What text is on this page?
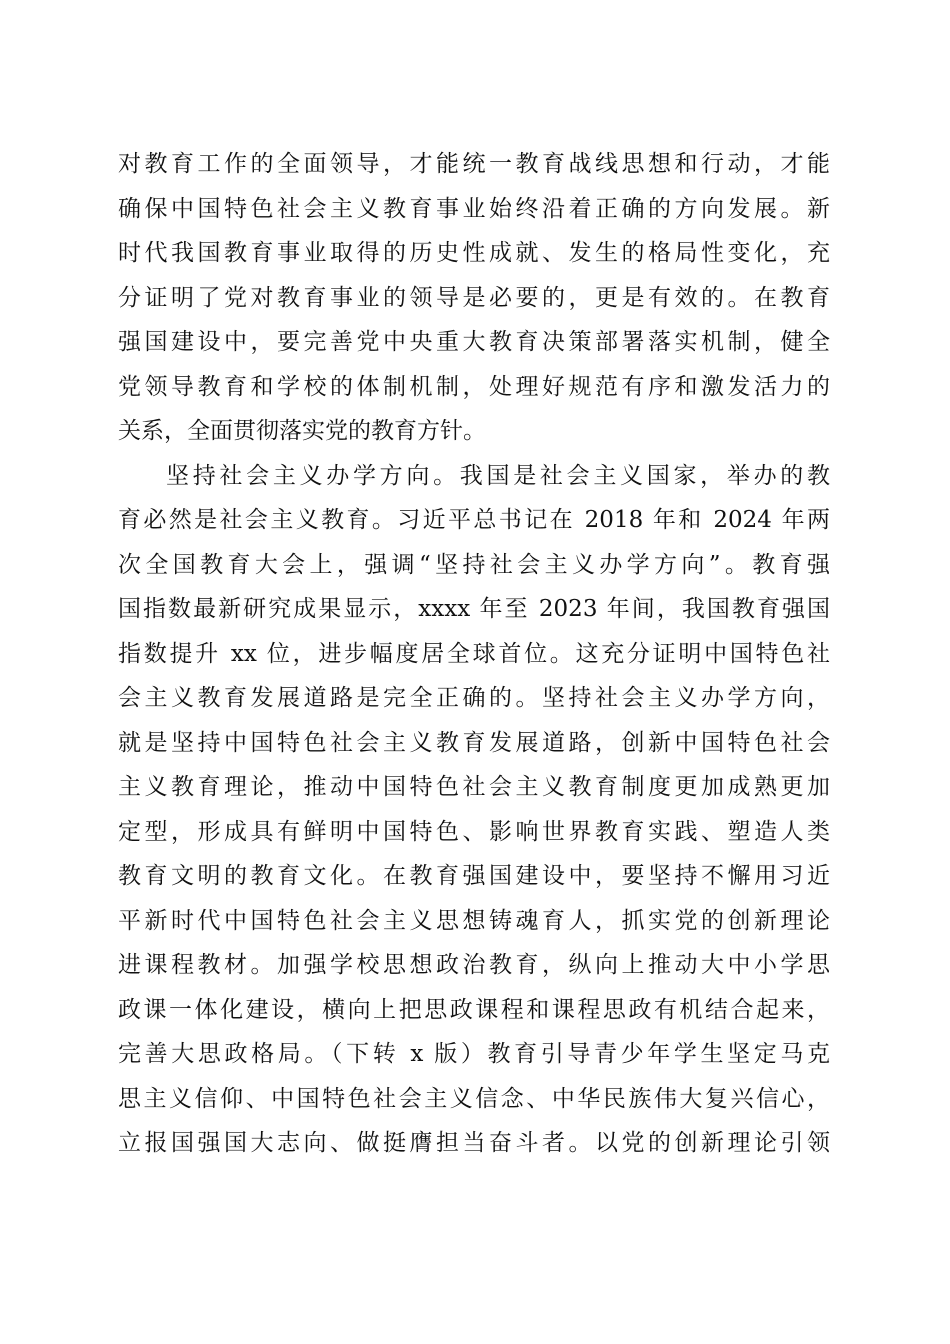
对教育工作的全面领导，才能统一教育战线思想和行动，才能
确保中国特色社会主义教育事业始终沿着正确的方向发展。新
时代我国教育事业取得的历史性成就、发生的格局性变化，充
分证明了党对教育事业的领导是必要的，更是有效的。在教育
强国建设中，要完善党中央重大教育决策部署落实机制，健全
党领导教育和学校的体制机制，处理好规范有序和激发活力的
关系，全面贯彻落实党的教育方针。
坚持社会主义办学方向。我国是社会主义国家，举办的教
育必然是社会主义教育。习近平总书记在 2018 年和 2024 年两
次全国教育大会上，强调“坚持社会主义办学方向”。教育强
国指数最新研究成果显示，xxxx 年至 2023 年间，我国教育强国
指数提升 xx 位，进步幅度居全球首位。这充分证明中国特色社
会主义教育发展道路是完全正确的。坚持社会主义办学方向，
就是坚持中国特色社会主义教育发展道路，创新中国特色社会
主义教育理论，推动中国特色社会主义教育制度更加成熟更加
定型，形成具有鲜明中国特色、影响世界教育实践、塑造人类
教育文明的教育文化。在教育强国建设中，要坚持不懈用习近
平新时代中国特色社会主义思想铸魂育人，抓实党的创新理论
进课程教材。加强学校思想政治教育，纵向上推动大中小学思
政课一体化建设，横向上把思政课程和课程思政有机结合起来，
完善大思政格局。（下转 x 版）教育引导青少年学生坚定马克
思主义信仰、中国特色社会主义信念、中华民族伟大复兴信心，
立报国强国大志向、做挺膺担当奋斗者。以党的创新理论引领
